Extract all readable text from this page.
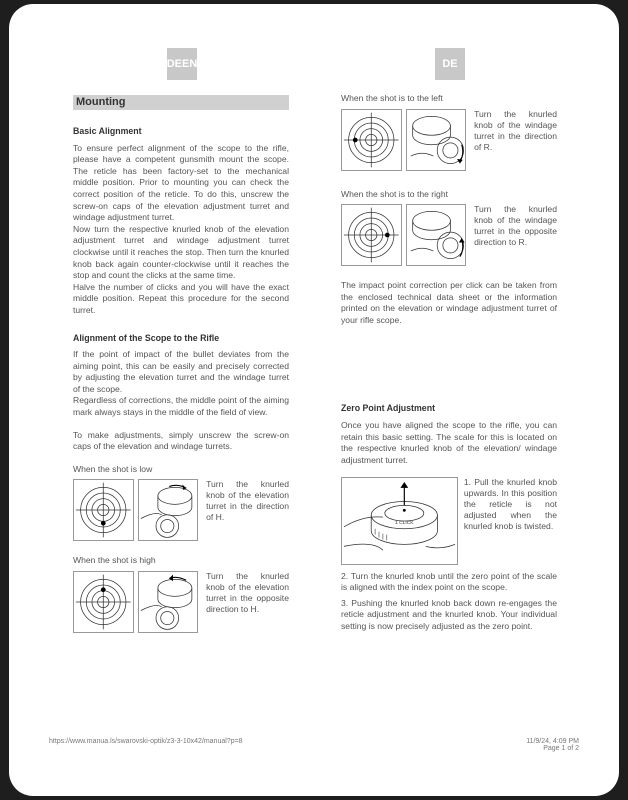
DEEN	DE
Mounting

Basic Alignment

To ensure perfect alignment of the scope to the rifle, please have a competent gunsmith mount the scope. The reticle has been factory-set to the mechanical middle position. Prior to mounting you can check the correct position of the reticle. To do this, unscrew the screw-on caps of the elevation adjustment turret and windage adjustment turret.

Now turn the respective knurled knob of the elevation adjustment turret and windage adjustment turret clockwise until it reaches the stop. Then turn the knurled knob back again counter-clockwise until it reaches the stop and count the clicks at the same time.

Halve the number of clicks and you will have the exact middle position. Repeat this procedure for the second turret.

Alignment of the Scope to the Rifle

If the point of impact of the bullet deviates from the aiming point, this can be easily and precisely corrected by adjusting the elevation turret and the windage turret of the scope.

Regardless of corrections, the middle point of the aiming mark always stays in the middle of the field of view.

To make adjustments, simply unscrew the screw-on caps of the elevation and windage turrets.

When the shot is low

Turn the knurled knob of the elevation turret in the direction of H.

When the shot is high

Turn the knurled knob of the elevation turret in the opposite direction to H.

When the shot is to the left

Turn the knurled knob of the windage turret in the direction of R.

When the shot is to the right

Turn the knurled knob of the windage turret in the opposite direction to R.

The impact point correction per click can be taken from the enclosed technical data sheet or the information printed on the elevation or windage adjustment turret of your rifle scope.

Zero Point Adjustment

Once you have aligned the scope to the rifle, you can retain this basic setting. The scale for this is located on the respective knurled knob of the elevation/ windage adjustment turret.

1 CLICK
1. Pull the knurled knob upwards. In this position the reticle is not adjusted when the knurled knob is twisted.
2. Turn the knurled knob until the zero point of the scale is aligned with the index point on the scope.
3. Pushing the knurled knob back down re-engages the reticle adjustment and the knurled knob. Your individual setting is now precisely adjusted as the zero point.
https://www.manua.ls/swarovski-optik/z3-3-10x42/manual?p=8	11/9/24, 4:09 PM
Page 1 of 2
